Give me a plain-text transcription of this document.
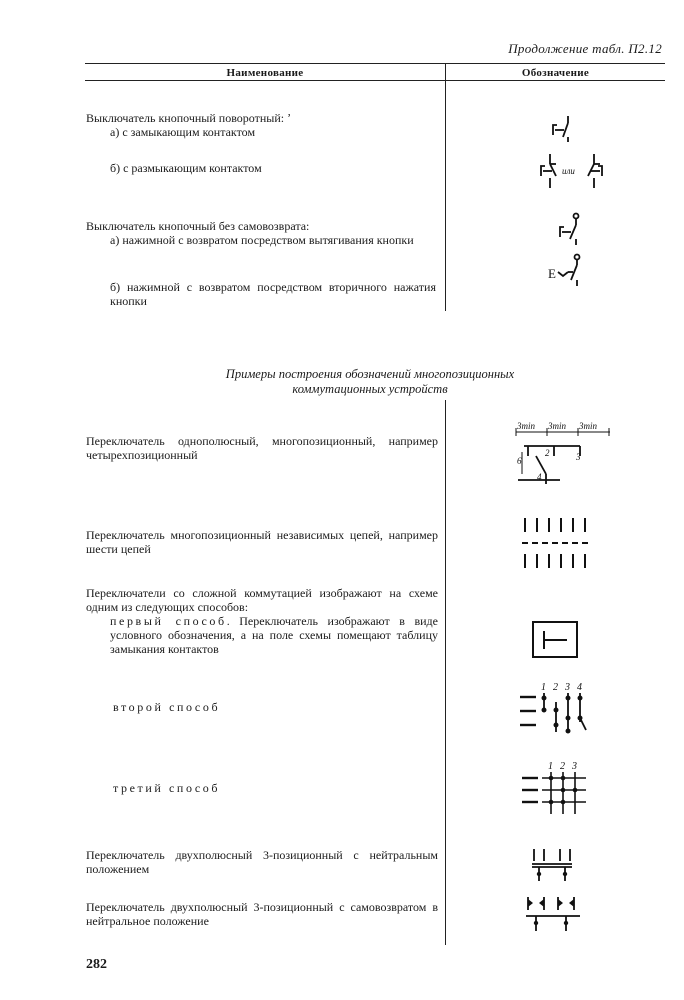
Продолжение табл. П2.12
Наименование	Обозначение
Выключатель кнопочный поворотный: ʼ
а) с замыкающим контактом
б) с размыкающим контактом	или
Выключатель кнопочный без самовозврата:
а) нажимной с возвратом посредством вытягивания кнопки
б) нажимной с возвратом посредством вторичного нажатия кнопки
E
Примеры построения обозначений многопозиционных
коммутационных устройств
Переключатель однополюсный, многопозиционный, например четырехпозиционный
3min 3min 3min
6
2
4
3
Переключатель многопозиционный независимых цепей, например шести цепей
Переключатели со сложной коммутацией изображают на схеме одним из следующих способов:
первый способ. Переключатель изображают в виде условного обозначения, а на поле схемы помещают таблицу замыкания контактов
второй способ
1 2 3 4
третий способ
1 2 3
Переключатель двухполюсный 3-позиционный с нейтральным положением
Переключатель двухполюсный 3-позиционный с самовозвратом в нейтральное положение
282
